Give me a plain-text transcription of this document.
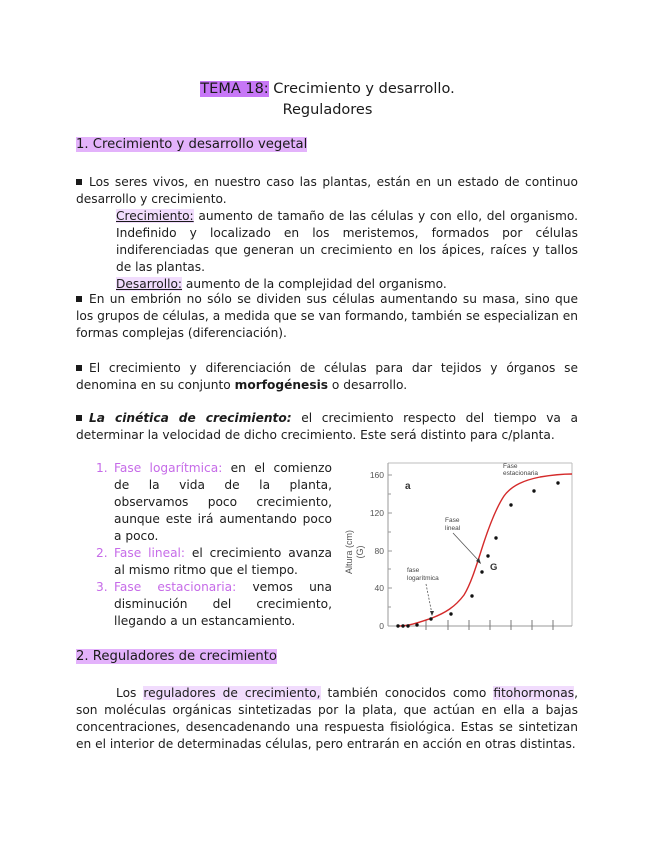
TEMA 18: Crecimiento y desarrollo.
Reguladores
1. Crecimiento y desarrollo vegetal
Los seres vivos, en nuestro caso las plantas, están en un estado de continuo desarrollo y crecimiento.
Crecimiento: aumento de tamaño de las células y con ello, del organismo. Indefinido y localizado en los meristemos, formados por células indiferenciadas que generan un crecimiento en los ápices, raíces y tallos de las plantas.
Desarrollo: aumento de la complejidad del organismo.
En un embrión no sólo se dividen sus células aumentando su masa, sino que los grupos de células, a medida que se van formando, también se especializan en formas complejas (diferenciación).
El crecimiento y diferenciación de células para dar tejidos y órganos se denomina en su conjunto morfogénesis o desarrollo.
La cinética de crecimiento: el crecimiento respecto del tiempo va a determinar la velocidad de dicho crecimiento. Este será distinto para c/planta.
1. Fase logarítmica: en el comienzo de la vida de la planta, observamos poco crecimiento, aunque este irá aumentando poco a poco.
2. Fase lineal: el crecimiento avanza al mismo ritmo que el tiempo.
3. Fase estacionaria: vemos una disminución del crecimiento, llegando a un estancamiento.	0
40
80
120
160
Altura (cm) (G)
a
G
fase
logarítmica
Fase
lineal
Fase
estacionaria
2. Reguladores de crecimiento
Los reguladores de crecimiento, también conocidos como fitohormonas, son moléculas orgánicas sintetizadas por la plata, que actúan en ella a bajas concentraciones, desencadenando una respuesta fisiológica. Estas se sintetizan en el interior de determinadas células, pero entrarán en acción en otras distintas.
